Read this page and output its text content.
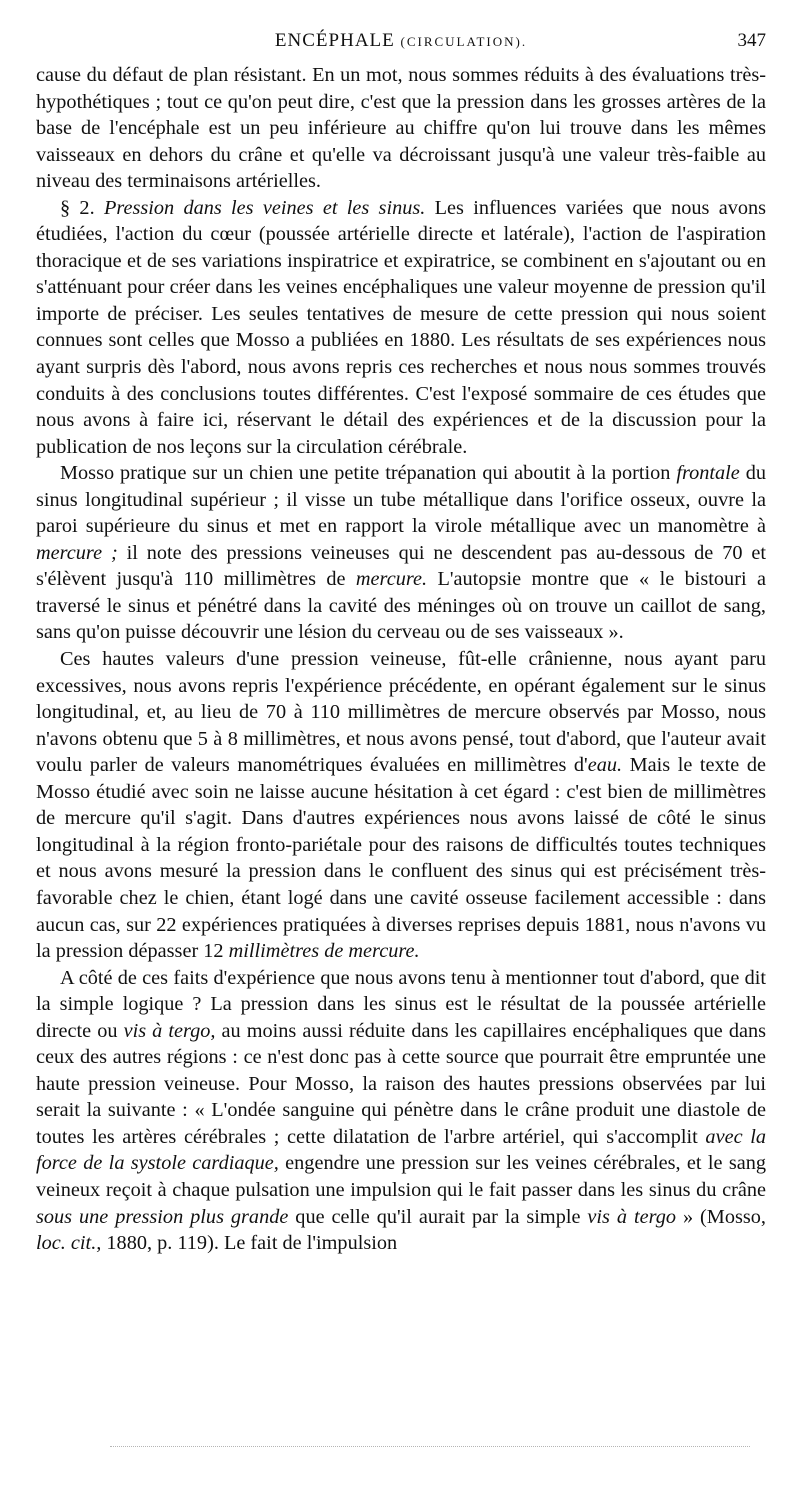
ENCÉPHALE (CIRCULATION).	347

cause du défaut de plan résistant. En un mot, nous sommes réduits à des évaluations très-hypothétiques ; tout ce qu'on peut dire, c'est que la pression dans les grosses artères de la base de l'encéphale est un peu inférieure au chiffre qu'on lui trouve dans les mêmes vaisseaux en dehors du crâne et qu'elle va décroissant jusqu'à une valeur très-faible au niveau des terminaisons artérielles.

§ 2. Pression dans les veines et les sinus. Les influences variées que nous avons étudiées, l'action du cœur (poussée artérielle directe et latérale), l'action de l'aspiration thoracique et de ses variations inspiratrice et expiratrice, se combinent en s'ajoutant ou en s'atténuant pour créer dans les veines encéphaliques une valeur moyenne de pression qu'il importe de préciser. Les seules tentatives de mesure de cette pression qui nous soient connues sont celles que Mosso a publiées en 1880. Les résultats de ses expériences nous ayant surpris dès l'abord, nous avons repris ces recherches et nous nous sommes trouvés conduits à des conclusions toutes différentes. C'est l'exposé sommaire de ces études que nous avons à faire ici, réservant le détail des expériences et de la discussion pour la publication de nos leçons sur la circulation cérébrale.

Mosso pratique sur un chien une petite trépanation qui aboutit à la portion frontale du sinus longitudinal supérieur ; il visse un tube métallique dans l'orifice osseux, ouvre la paroi supérieure du sinus et met en rapport la virole métallique avec un manomètre à mercure ; il note des pressions veineuses qui ne descendent pas au-dessous de 70 et s'élèvent jusqu'à 110 millimètres de mercure. L'autopsie montre que « le bistouri a traversé le sinus et pénétré dans la cavité des méninges où on trouve un caillot de sang, sans qu'on puisse découvrir une lésion du cerveau ou de ses vaisseaux ».

Ces hautes valeurs d'une pression veineuse, fût-elle crânienne, nous ayant paru excessives, nous avons repris l'expérience précédente, en opérant également sur le sinus longitudinal, et, au lieu de 70 à 110 millimètres de mercure observés par Mosso, nous n'avons obtenu que 5 à 8 millimètres, et nous avons pensé, tout d'abord, que l'auteur avait voulu parler de valeurs manométriques évaluées en millimètres d'eau. Mais le texte de Mosso étudié avec soin ne laisse aucune hésitation à cet égard : c'est bien de millimètres de mercure qu'il s'agit. Dans d'autres expériences nous avons laissé de côté le sinus longitudinal à la région fronto-pariétale pour des raisons de difficultés toutes techniques et nous avons mesuré la pression dans le confluent des sinus qui est précisément très-favorable chez le chien, étant logé dans une cavité osseuse facilement accessible : dans aucun cas, sur 22 expériences pratiquées à diverses reprises depuis 1881, nous n'avons vu la pression dépasser 12 millimètres de mercure.

A côté de ces faits d'expérience que nous avons tenu à mentionner tout d'abord, que dit la simple logique ? La pression dans les sinus est le résultat de la poussée artérielle directe ou vis à tergo, au moins aussi réduite dans les capillaires encéphaliques que dans ceux des autres régions : ce n'est donc pas à cette source que pourrait être empruntée une haute pression veineuse. Pour Mosso, la raison des hautes pressions observées par lui serait la suivante : « L'ondée sanguine qui pénètre dans le crâne produit une diastole de toutes les artères cérébrales ; cette dilatation de l'arbre artériel, qui s'accomplit avec la force de la systole cardiaque, engendre une pression sur les veines cérébrales, et le sang veineux reçoit à chaque pulsation une impulsion qui le fait passer dans les sinus du crâne sous une pression plus grande que celle qu'il aurait par la simple vis à tergo » (Mosso, loc. cit., 1880, p. 119). Le fait de l'impulsion
